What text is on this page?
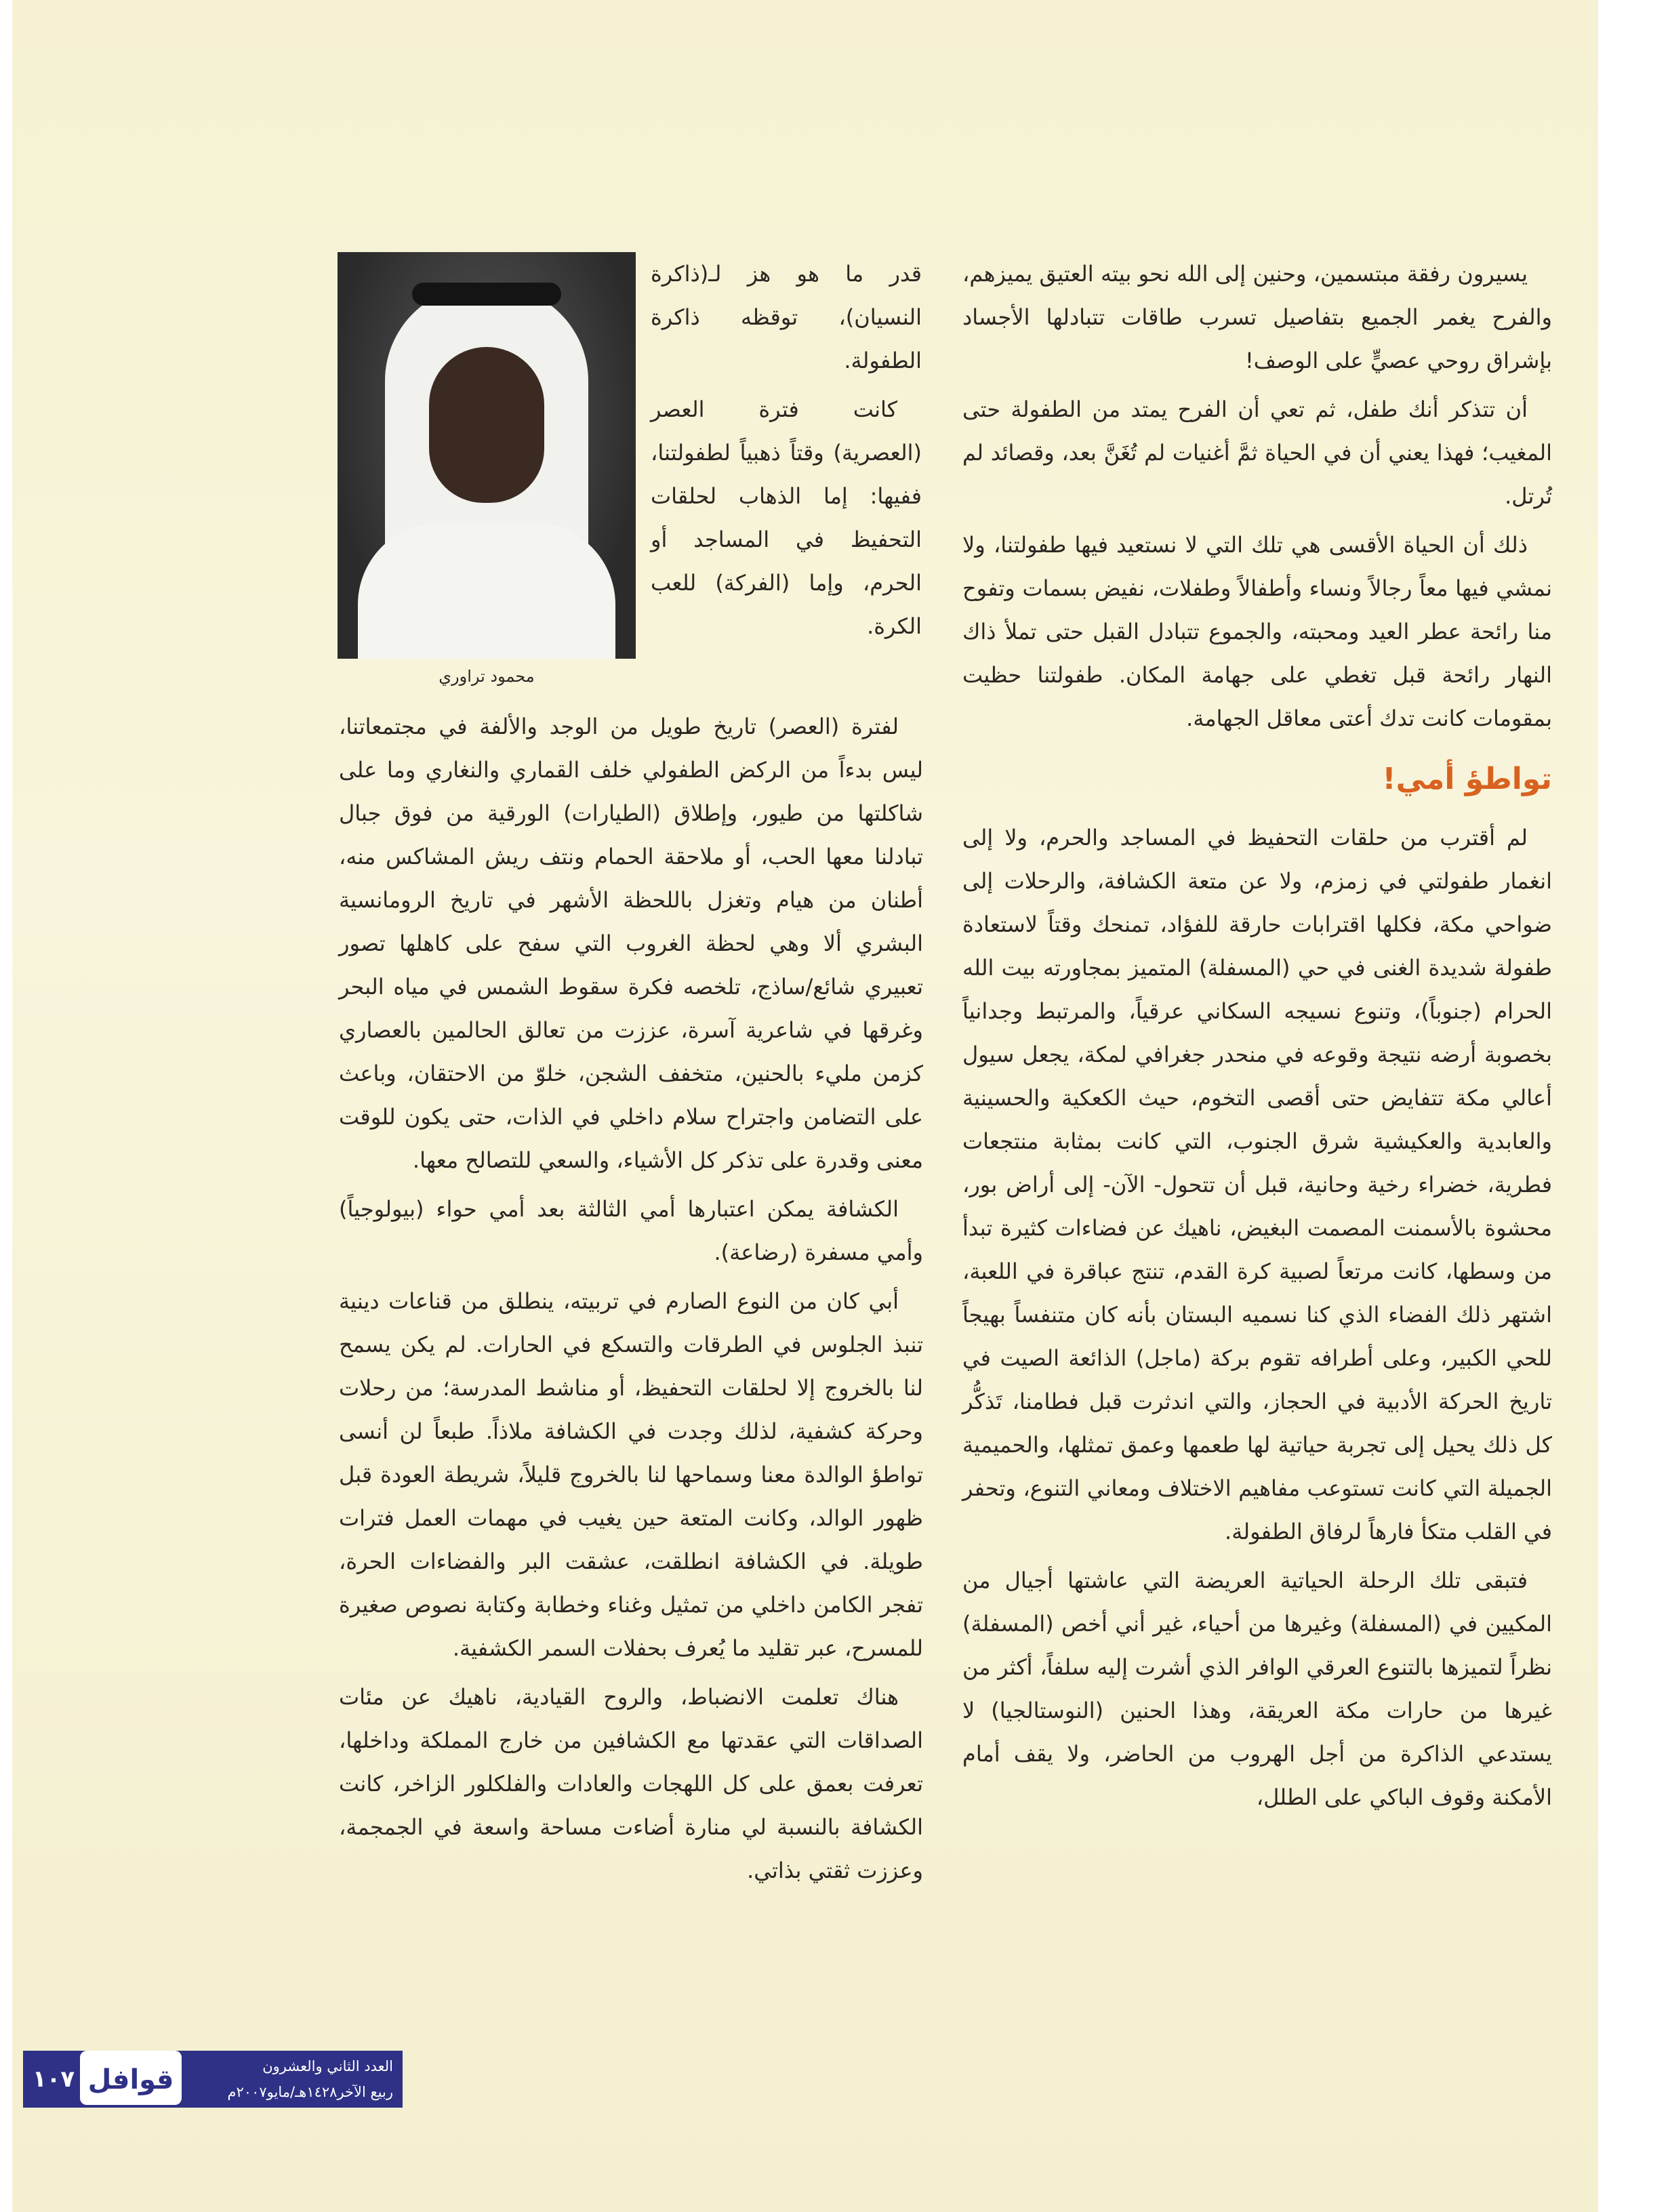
يسيرون رفقة مبتسمين، وحنين إلى الله نحو بيته العتيق يميزهم، والفرح يغمر الجميع بتفاصيل تسرب طاقات تتبادلها الأجساد بإشراق روحي عصيٍّ على الوصف!

أن تتذكر أنك طفل، ثم تعي أن الفرح يمتد من الطفولة حتى المغيب؛ فهذا يعني أن في الحياة ثمَّ أغنيات لم تُغَنَّ بعد، وقصائد لم تُرتل.

ذلك أن الحياة الأقسى هي تلك التي لا نستعيد فيها طفولتنا، ولا نمشي فيها معاً رجالاً ونساء وأطفالاً وطفلات، نفيض بسمات وتفوح منا رائحة عطر العيد ومحبته، والجموع تتبادل القبل حتى تملأ ذاك النهار رائحة قبل تغطي على جهامة المكان. طفولتنا حظيت بمقومات كانت تدك أعتى معاقل الجهامة.

تواطؤ أمي!

لم أقترب من حلقات التحفيظ في المساجد والحرم، ولا إلى انغمار طفولتي في زمزم، ولا عن متعة الكشافة، والرحلات إلى ضواحي مكة، فكلها اقترابات حارقة للفؤاد، تمنحك وقتاً لاستعادة طفولة شديدة الغنى في حي (المسفلة) المتميز بمجاورته بيت الله الحرام (جنوباً)، وتنوع نسيجه السكاني عرقياً، والمرتبط وجدانياً بخصوبة أرضه نتيجة وقوعه في منحدر جغرافي لمكة، يجعل سيول أعالي مكة تتفايض حتى أقصى التخوم، حيث الكعكية والحسينية والعابدية والعكيشية شرق الجنوب، التي كانت بمثابة منتجعات فطرية، خضراء رخية وحانية، قبل أن تتحول- الآن- إلى أراض بور، محشوة بالأسمنت المصمت البغيض، ناهيك عن فضاءات كثيرة تبدأ من وسطها، كانت مرتعاً لصبية كرة القدم، تنتج عباقرة في اللعبة، اشتهر ذلك الفضاء الذي كنا نسميه البستان بأنه كان متنفساً بهيجاً للحي الكبير، وعلى أطرافه تقوم بركة (ماجل) الذائعة الصيت في تاريخ الحركة الأدبية في الحجاز، والتي اندثرت قبل فطامنا، تَذكُّر كل ذلك يحيل إلى تجربة حياتية لها طعمها وعمق تمثلها، والحميمية الجميلة التي كانت تستوعب مفاهيم الاختلاف ومعاني التنوع، وتحفر في القلب متكأ فارهاً لرفاق الطفولة.

فتبقى تلك الرحلة الحياتية العريضة التي عاشتها أجيال من المكيين في (المسفلة) وغيرها من أحياء، غير أني أخص (المسفلة) نظراً لتميزها بالتنوع العرقي الوافر الذي أشرت إليه سلفاً، أكثر من غيرها من حارات مكة العريقة، وهذا الحنين (النوستالجيا) لا يستدعي الذاكرة من أجل الهروب من الحاضر، ولا يقف أمام الأمكنة وقوف الباكي على الطلل،

قدر ما هو هز لـ(ذاكرة النسيان)، توقظه ذاكرة الطفولة.

كانت فترة العصر (العصرية) وقتاً ذهبياً لطفولتنا، ففيها: إما الذهاب لحلقات التحفيظ في المساجد أو الحرم، وإما (الفركة) للعب الكرة.

محمود تراوري

لفترة (العصر) تاريخ طويل من الوجد والألفة في مجتمعاتنا، ليس بدءاً من الركض الطفولي خلف القماري والنغاري وما على شاكلتها من طيور، وإطلاق (الطيارات) الورقية من فوق جبال تبادلنا معها الحب، أو ملاحقة الحمام ونتف ريش المشاكس منه، أطنان من هيام وتغزل باللحظة الأشهر في تاريخ الرومانسية البشري ألا وهي لحظة الغروب التي سفح على كاهلها تصور تعبيري شائع/ساذج، تلخصه فكرة سقوط الشمس في مياه البحر وغرقها في شاعرية آسرة، عززت من تعالق الحالمين بالعصاري كزمن مليء بالحنين، متخفف الشجن، خلوّ من الاحتقان، وباعث على التضامن واجتراح سلام داخلي في الذات، حتى يكون للوقت معنى وقدرة على تذكر كل الأشياء، والسعي للتصالح معها.

الكشافة يمكن اعتبارها أمي الثالثة بعد أمي حواء (بيولوجياً) وأمي مسفرة (رضاعة).

أبي كان من النوع الصارم في تربيته، ينطلق من قناعات دينية تنبذ الجلوس في الطرقات والتسكع في الحارات. لم يكن يسمح لنا بالخروج إلا لحلقات التحفيظ، أو مناشط المدرسة؛ من رحلات وحركة كشفية، لذلك وجدت في الكشافة ملاذاً. طبعاً لن أنسى تواطؤ الوالدة معنا وسماحها لنا بالخروج قليلاً، شريطة العودة قبل ظهور الوالد، وكانت المتعة حين يغيب في مهمات العمل فترات طويلة. في الكشافة انطلقت، عشقت البر والفضاءات الحرة، تفجر الكامن داخلي من تمثيل وغناء وخطابة وكتابة نصوص صغيرة للمسرح، عبر تقليد ما يُعرف بحفلات السمر الكشفية.

هناك تعلمت الانضباط، والروح القيادية، ناهيك عن مئات الصداقات التي عقدتها مع الكشافين من خارج المملكة وداخلها، تعرفت بعمق على كل اللهجات والعادات والفلكلور الزاخر، كانت الكشافة بالنسبة لي منارة أضاءت مساحة واسعة في الجمجمة، وعززت ثقتي بذاتي.

١٠٧ قوافل	العدد الثاني والعشرون
ربيع الآخر١٤٢٨هـ/مايو٢٠٠٧م
